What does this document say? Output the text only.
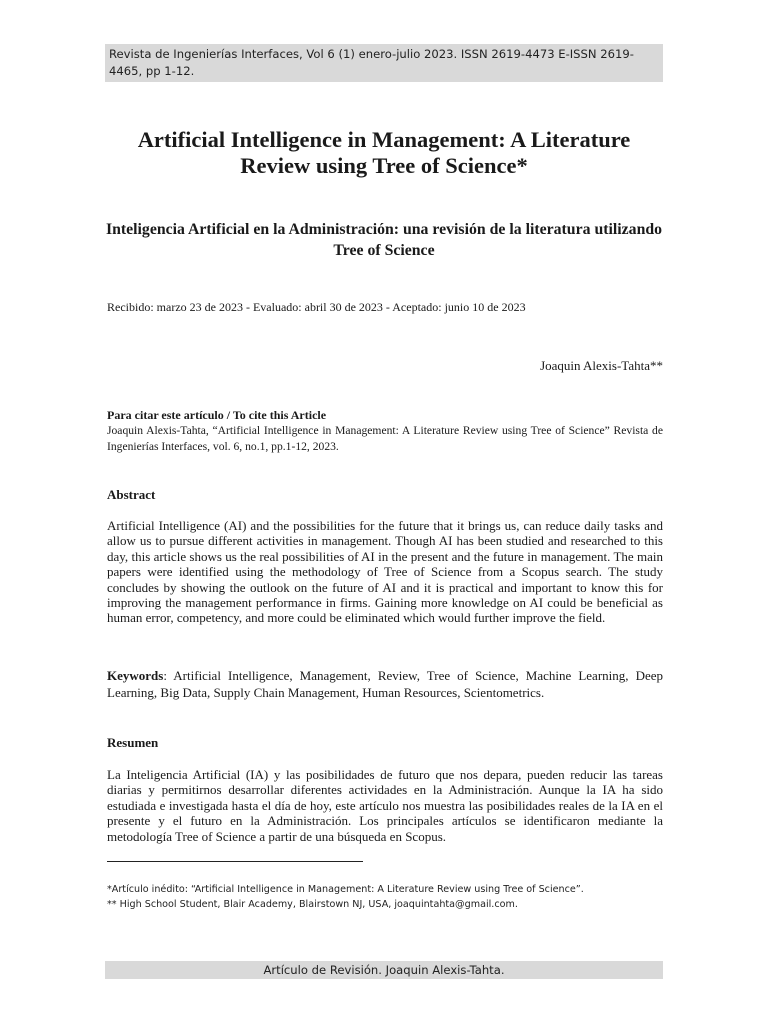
Revista de Ingenierías Interfaces, Vol 6 (1) enero-julio 2023. ISSN 2619-4473 E-ISSN 2619-4465, pp 1-12.
Artificial Intelligence in Management: A Literature Review using Tree of Science*
Inteligencia Artificial en la Administración: una revisión de la literatura utilizando Tree of Science
Recibido: marzo 23 de 2023 - Evaluado: abril 30 de 2023 - Aceptado: junio 10 de 2023
Joaquin Alexis-Tahta**
Para citar este artículo / To cite this Article
Joaquin Alexis-Tahta, “Artificial Intelligence in Management: A Literature Review using Tree of Science” Revista de Ingenierías Interfaces, vol. 6, no.1, pp.1-12, 2023.
Abstract
Artificial Intelligence (AI) and the possibilities for the future that it brings us, can reduce daily tasks and allow us to pursue different activities in management. Though AI has been studied and researched to this day, this article shows us the real possibilities of AI in the present and the future in management. The main papers were identified using the methodology of Tree of Science from a Scopus search. The study concludes by showing the outlook on the future of AI and it is practical and important to know this for improving the management performance in firms. Gaining more knowledge on AI could be beneficial as human error, competency, and more could be eliminated which would further improve the field.
Keywords: Artificial Intelligence, Management, Review, Tree of Science, Machine Learning, Deep Learning, Big Data, Supply Chain Management, Human Resources, Scientometrics.
Resumen
La Inteligencia Artificial (IA) y las posibilidades de futuro que nos depara, pueden reducir las tareas diarias y permitirnos desarrollar diferentes actividades en la Administración. Aunque la IA ha sido estudiada e investigada hasta el día de hoy, este artículo nos muestra las posibilidades reales de la IA en el presente y el futuro en la Administración. Los principales artículos se identificaron mediante la metodología Tree of Science a partir de una búsqueda en Scopus.
*Artículo inédito: “Artificial Intelligence in Management: A Literature Review using Tree of Science”.
** High School Student, Blair Academy, Blairstown NJ, USA, joaquintahta@gmail.com.
Artículo de Revisión. Joaquin Alexis-Tahta.
